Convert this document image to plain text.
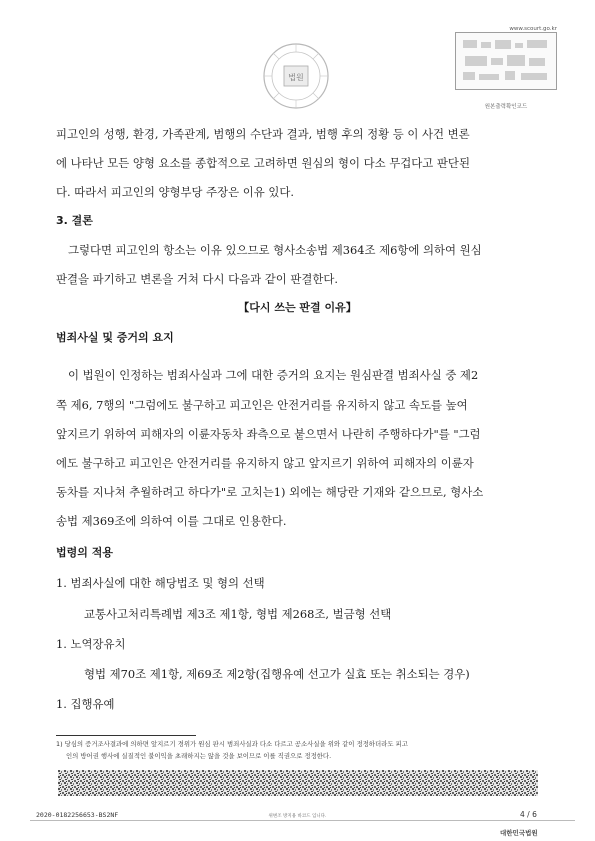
법원
www.scourt.go.kr
원본출력확인코드
피고인의 성행, 환경, 가족관계, 범행의 수단과 결과, 범행 후의 정황 등 이 사건 변론
에 나타난 모든 양형 요소를 종합적으로 고려하면 원심의 형이 다소 무겁다고 판단된
다. 따라서 피고인의 양형부당 주장은 이유 있다.
3. 결론
그렇다면 피고인의 항소는 이유 있으므로 형사소송법 제364조 제6항에 의하여 원심
판결을 파기하고 변론을 거쳐 다시 다음과 같이 판결한다.
【다시 쓰는 판결 이유】
범죄사실 및 증거의 요지
이 법원이 인정하는 범죄사실과 그에 대한 증거의 요지는 원심판결 범죄사실 중 제2
쪽 제6, 7행의 "그럼에도 불구하고 피고인은 안전거리를 유지하지 않고 속도를 높여
앞지르기 위하여 피해자의 이륜자동차 좌측으로 붙으면서 나란히 주행하다가"를 "그럼
에도 불구하고 피고인은 안전거리를 유지하지 않고 앞지르기 위하여 피해자의 이륜자
동차를 지나쳐 추월하려고 하다가"로 고치는1) 외에는 해당란 기재와 같으므로, 형사소
송법 제369조에 의하여 이를 그대로 인용한다.
법령의 적용
1. 범죄사실에 대한 해당법조 및 형의 선택
교통사고처리특례법 제3조 제1항, 형법 제268조, 벌금형 선택
1. 노역장유치
형법 제70조 제1항, 제69조 제2항(집행유예 선고가 실효 또는 취소되는 경우)
1. 집행유예
1) 당심의 증거조사결과에 의하면 앞지르기 경위가 원심 판시 범죄사실과 다소 다르고 공소사실을 위와 같이 정정하더라도 피고
인의 방어권 행사에 실질적인 불이익을 초래하지는 않을 것을 보이므로 이를 직권으로 정정한다.
2020-0182256653-BS2NF	위변조 방지용 바코드 입니다.	4 / 6
대한민국법원
